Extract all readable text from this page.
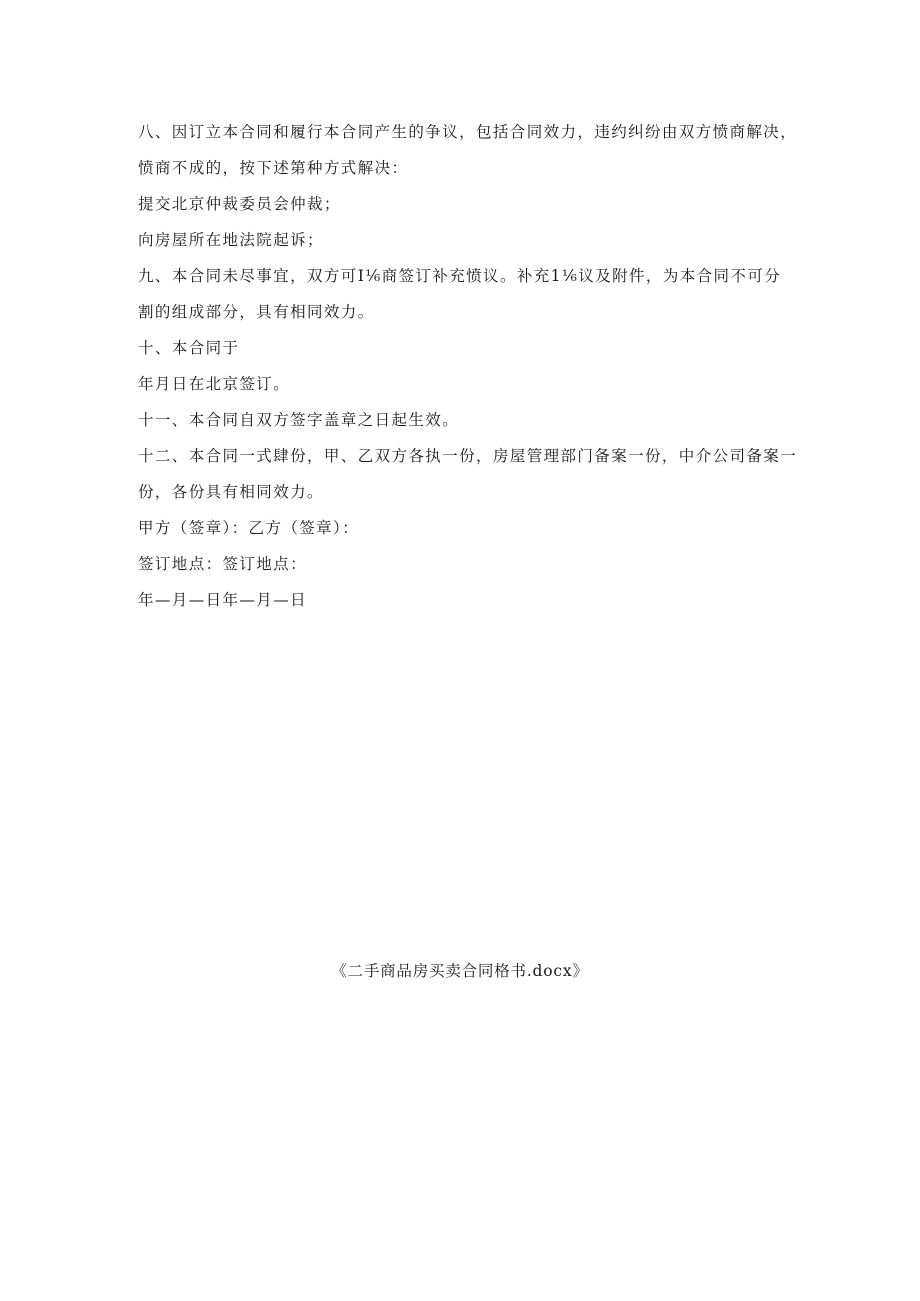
八、因订立本合同和履行本合同产生的争议，包括合同效力，违约纠纷由双方愤商解决，愤商不成的，按下述第种方式解决：

提交北京仲裁委员会仲裁；

向房屋所在地法院起诉；

九、本合同未尽事宜，双方可I⅙商签订补充愤议。补充1⅙议及附件，为本合同不可分割的组成部分，具有相同效力。

十、本合同于

年月日在北京签订。

十一、本合同自双方签字盖章之日起生效。

十二、本合同一式肆份，甲、乙双方各执一份，房屋管理部门备案一份，中介公司备案一份，各份具有相同效力。

甲方（签章）：乙方（签章）：

签订地点：签订地点：

年—月—日年—月—日

《二手商品房买卖合同格书.docx》
